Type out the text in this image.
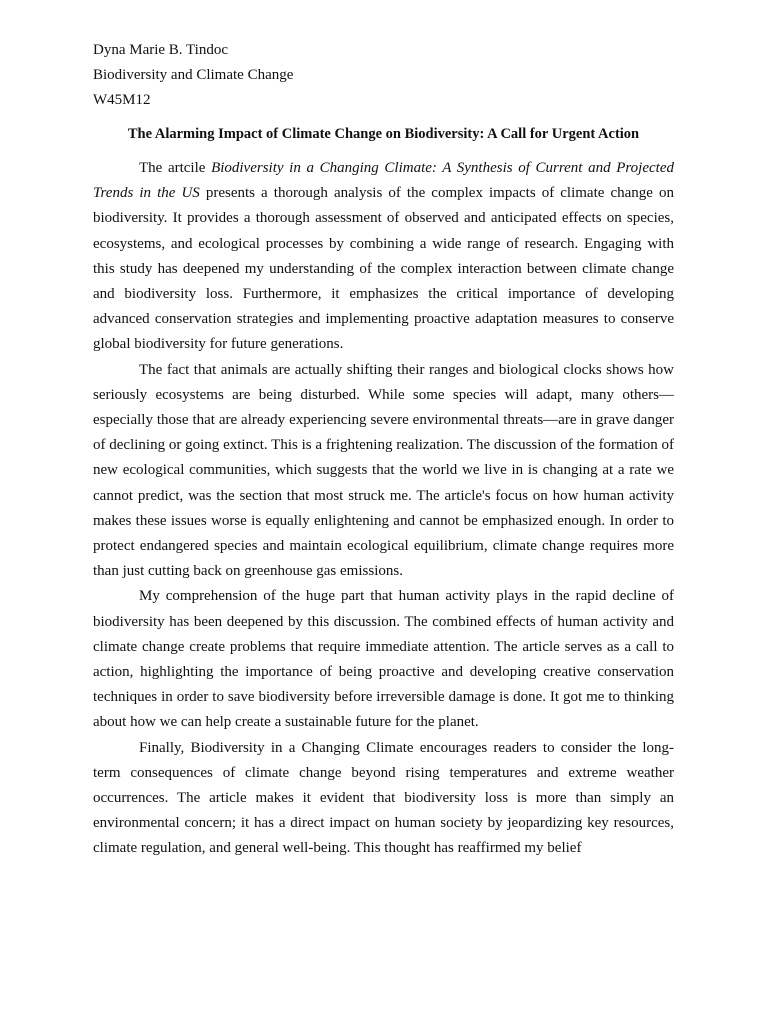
Dyna Marie B. Tindoc

Biodiversity and Climate Change

W45M12

The Alarming Impact of Climate Change on Biodiversity: A Call for Urgent Action

The artcile Biodiversity in a Changing Climate: A Synthesis of Current and Projected Trends in the US presents a thorough analysis of the complex impacts of climate change on biodiversity. It provides a thorough assessment of observed and anticipated effects on species, ecosystems, and ecological processes by combining a wide range of research. Engaging with this study has deepened my understanding of the complex interaction between climate change and biodiversity loss. Furthermore, it emphasizes the critical importance of developing advanced conservation strategies and implementing proactive adaptation measures to conserve global biodiversity for future generations.

The fact that animals are actually shifting their ranges and biological clocks shows how seriously ecosystems are being disturbed. While some species will adapt, many others—especially those that are already experiencing severe environmental threats—are in grave danger of declining or going extinct. This is a frightening realization. The discussion of the formation of new ecological communities, which suggests that the world we live in is changing at a rate we cannot predict, was the section that most struck me. The article's focus on how human activity makes these issues worse is equally enlightening and cannot be emphasized enough. In order to protect endangered species and maintain ecological equilibrium, climate change requires more than just cutting back on greenhouse gas emissions.

My comprehension of the huge part that human activity plays in the rapid decline of biodiversity has been deepened by this discussion. The combined effects of human activity and climate change create problems that require immediate attention. The article serves as a call to action, highlighting the importance of being proactive and developing creative conservation techniques in order to save biodiversity before irreversible damage is done. It got me to thinking about how we can help create a sustainable future for the planet.

Finally, Biodiversity in a Changing Climate encourages readers to consider the long-term consequences of climate change beyond rising temperatures and extreme weather occurrences. The article makes it evident that biodiversity loss is more than simply an environmental concern; it has a direct impact on human society by jeopardizing key resources, climate regulation, and general well-being. This thought has reaffirmed my belief
